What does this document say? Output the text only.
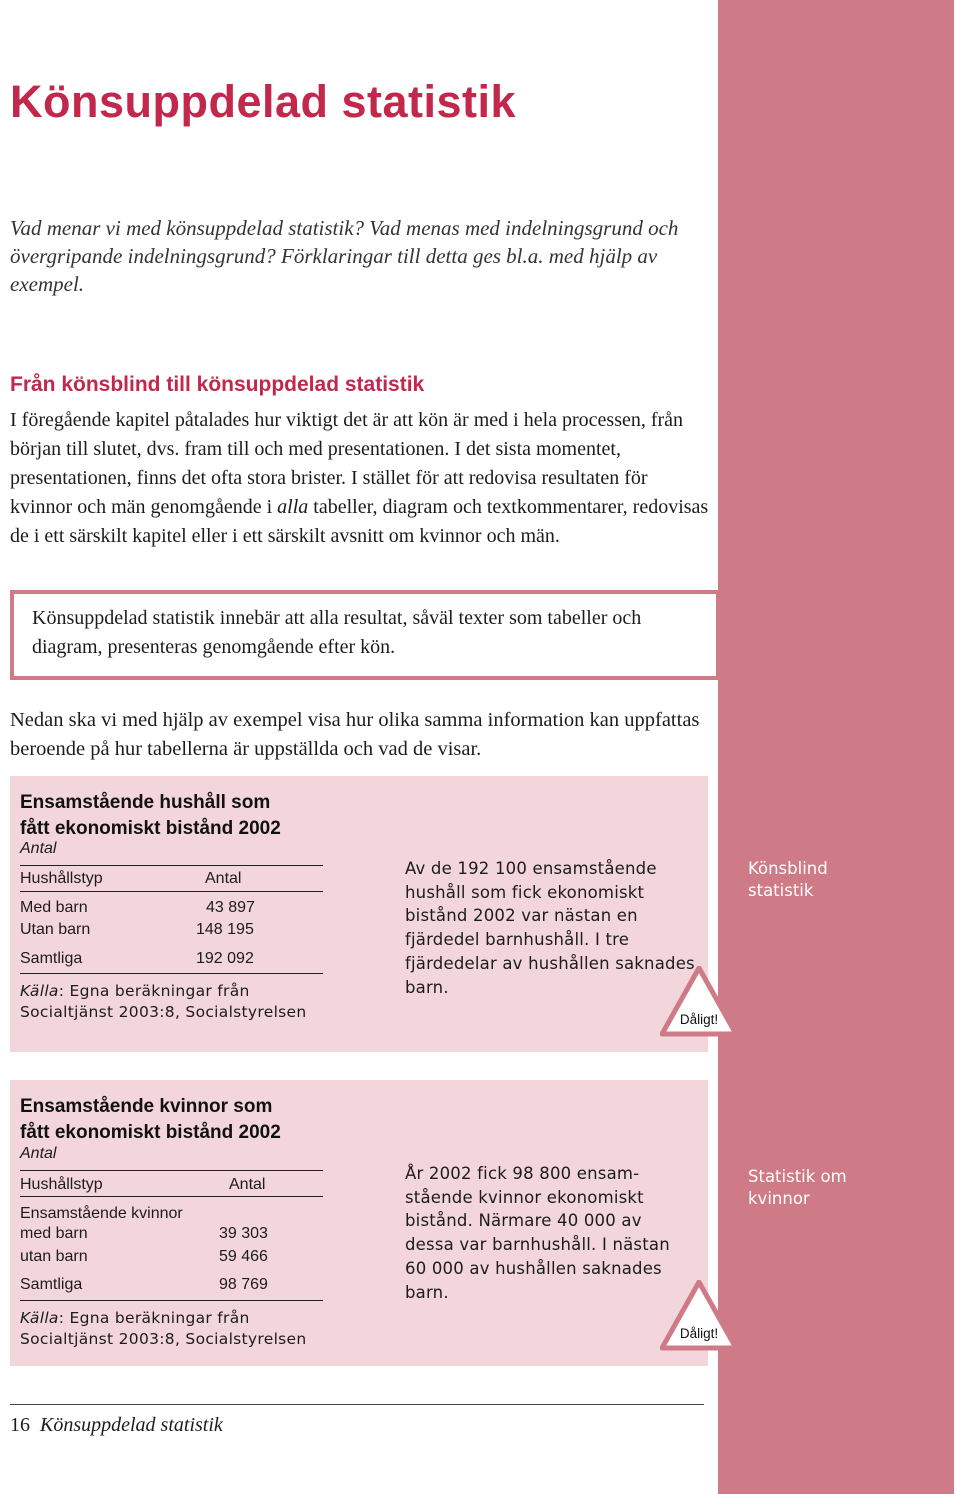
Könsuppdelad statistik

Vad menar vi med könsuppdelad statistik? Vad menas med indelningsgrund och övergripande indelningsgrund? Förklaringar till detta ges bl.a. med hjälp av exempel.

Från könsblind till könsuppdelad statistik

I föregående kapitel påtalades hur viktigt det är att kön är med i hela processen, från början till slutet, dvs. fram till och med presentationen. I det sista momentet, presentationen, finns det ofta stora brister. I stället för att redovisa resultaten för kvinnor och män genomgående i alla tabeller, diagram och textkommentarer, redovisas de i ett särskilt kapitel eller i ett särskilt avsnitt om kvinnor och män.

Könsuppdelad statistik innebär att alla resultat, såväl texter som tabeller och diagram, presenteras genomgående efter kön.

Nedan ska vi med hjälp av exempel visa hur olika samma information kan uppfattas beroende på hur tabellerna är uppställda och vad de visar.

Ensamstående hushåll som
fått ekonomiskt bistånd 2002

Antal

Hushållstyp	Antal

Med barn	43 897

Utan barn	148 195

Samtliga	192 092

Källa: Egna beräkningar från
Socialtjänst 2003:8, Socialstyrelsen

Av de 192 100 ensamstående hushåll som fick ekonomiskt bistånd 2002 var nästan en fjärdedel barnhushåll. I tre fjärdedelar av hushållen saknades barn.

Dåligt!

Könsblind
statistik

Ensamstående kvinnor som
fått ekonomiskt bistånd 2002

Antal

Hushållstyp	Antal

Ensamstående kvinnor

med barn	39 303

utan barn	59 466

Samtliga	98 769

Källa: Egna beräkningar från
Socialtjänst 2003:8, Socialstyrelsen

År 2002 fick 98 800 ensam-stående kvinnor ekonomiskt bistånd. Närmare 40 000 av dessa var barnhushåll. I nästan 60 000 av hushållen saknades barn.

Dåligt!

Statistik om
kvinnor

16 Könsuppdelad statistik
